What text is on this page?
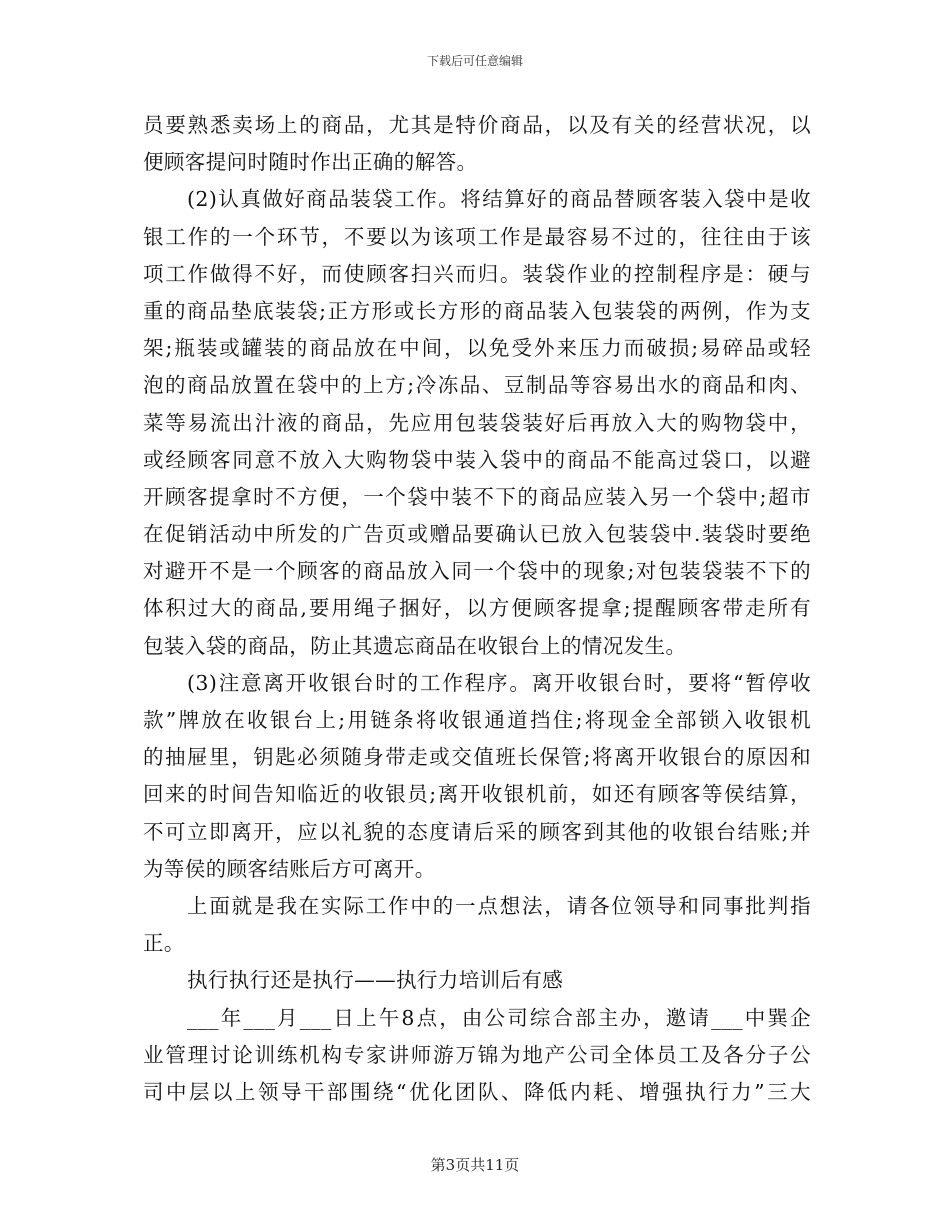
下载后可任意编辑
员要熟悉卖场上的商品，尤其是特价商品，以及有关的经营状况，以
便顾客提问时随时作出正确的解答。
(2)认真做好商品装袋工作。将结算好的商品替顾客装入袋中是收
银工作的一个环节，不要以为该项工作是最容易不过的，往往由于该
项工作做得不好，而使顾客扫兴而归。装袋作业的控制程序是：硬与
重的商品垫底装袋;正方形或长方形的商品装入包装袋的两例，作为支
架;瓶装或罐装的商品放在中间，以免受外来压力而破损;易碎品或轻
泡的商品放置在袋中的上方;冷冻品、豆制品等容易出水的商品和肉、
菜等易流出汁液的商品，先应用包装袋装好后再放入大的购物袋中，
或经顾客同意不放入大购物袋中装入袋中的商品不能高过袋口，以避
开顾客提拿时不方便，一个袋中装不下的商品应装入另一个袋中;超市
在促销活动中所发的广告页或赠品要确认已放入包装袋中.装袋时要绝
对避开不是一个顾客的商品放入同一个袋中的现象;对包装袋装不下的
体积过大的商品,要用绳子捆好，以方便顾客提拿;提醒顾客带走所有
包装入袋的商品，防止其遗忘商品在收银台上的情况发生。
(3)注意离开收银台时的工作程序。离开收银台时，要将“暂停收
款”牌放在收银台上;用链条将收银通道挡住;将现金全部锁入收银机
的抽屉里，钥匙必须随身带走或交值班长保管;将离开收银台的原因和
回来的时间告知临近的收银员;离开收银机前，如还有顾客等侯结算，
不可立即离开，应以礼貌的态度请后采的顾客到其他的收银台结账;并
为等侯的顾客结账后方可离开。
上面就是我在实际工作中的一点想法，请各位领导和同事批判指
正。
执行执行还是执行——执行力培训后有感
___年___月___日上午8点，由公司综合部主办，邀请___中巽企
业管理讨论训练机构专家讲师游万锦为地产公司全体员工及各分子公
司中层以上领导干部围绕“优化团队、降低内耗、增强执行力”三大
第3页共11页
